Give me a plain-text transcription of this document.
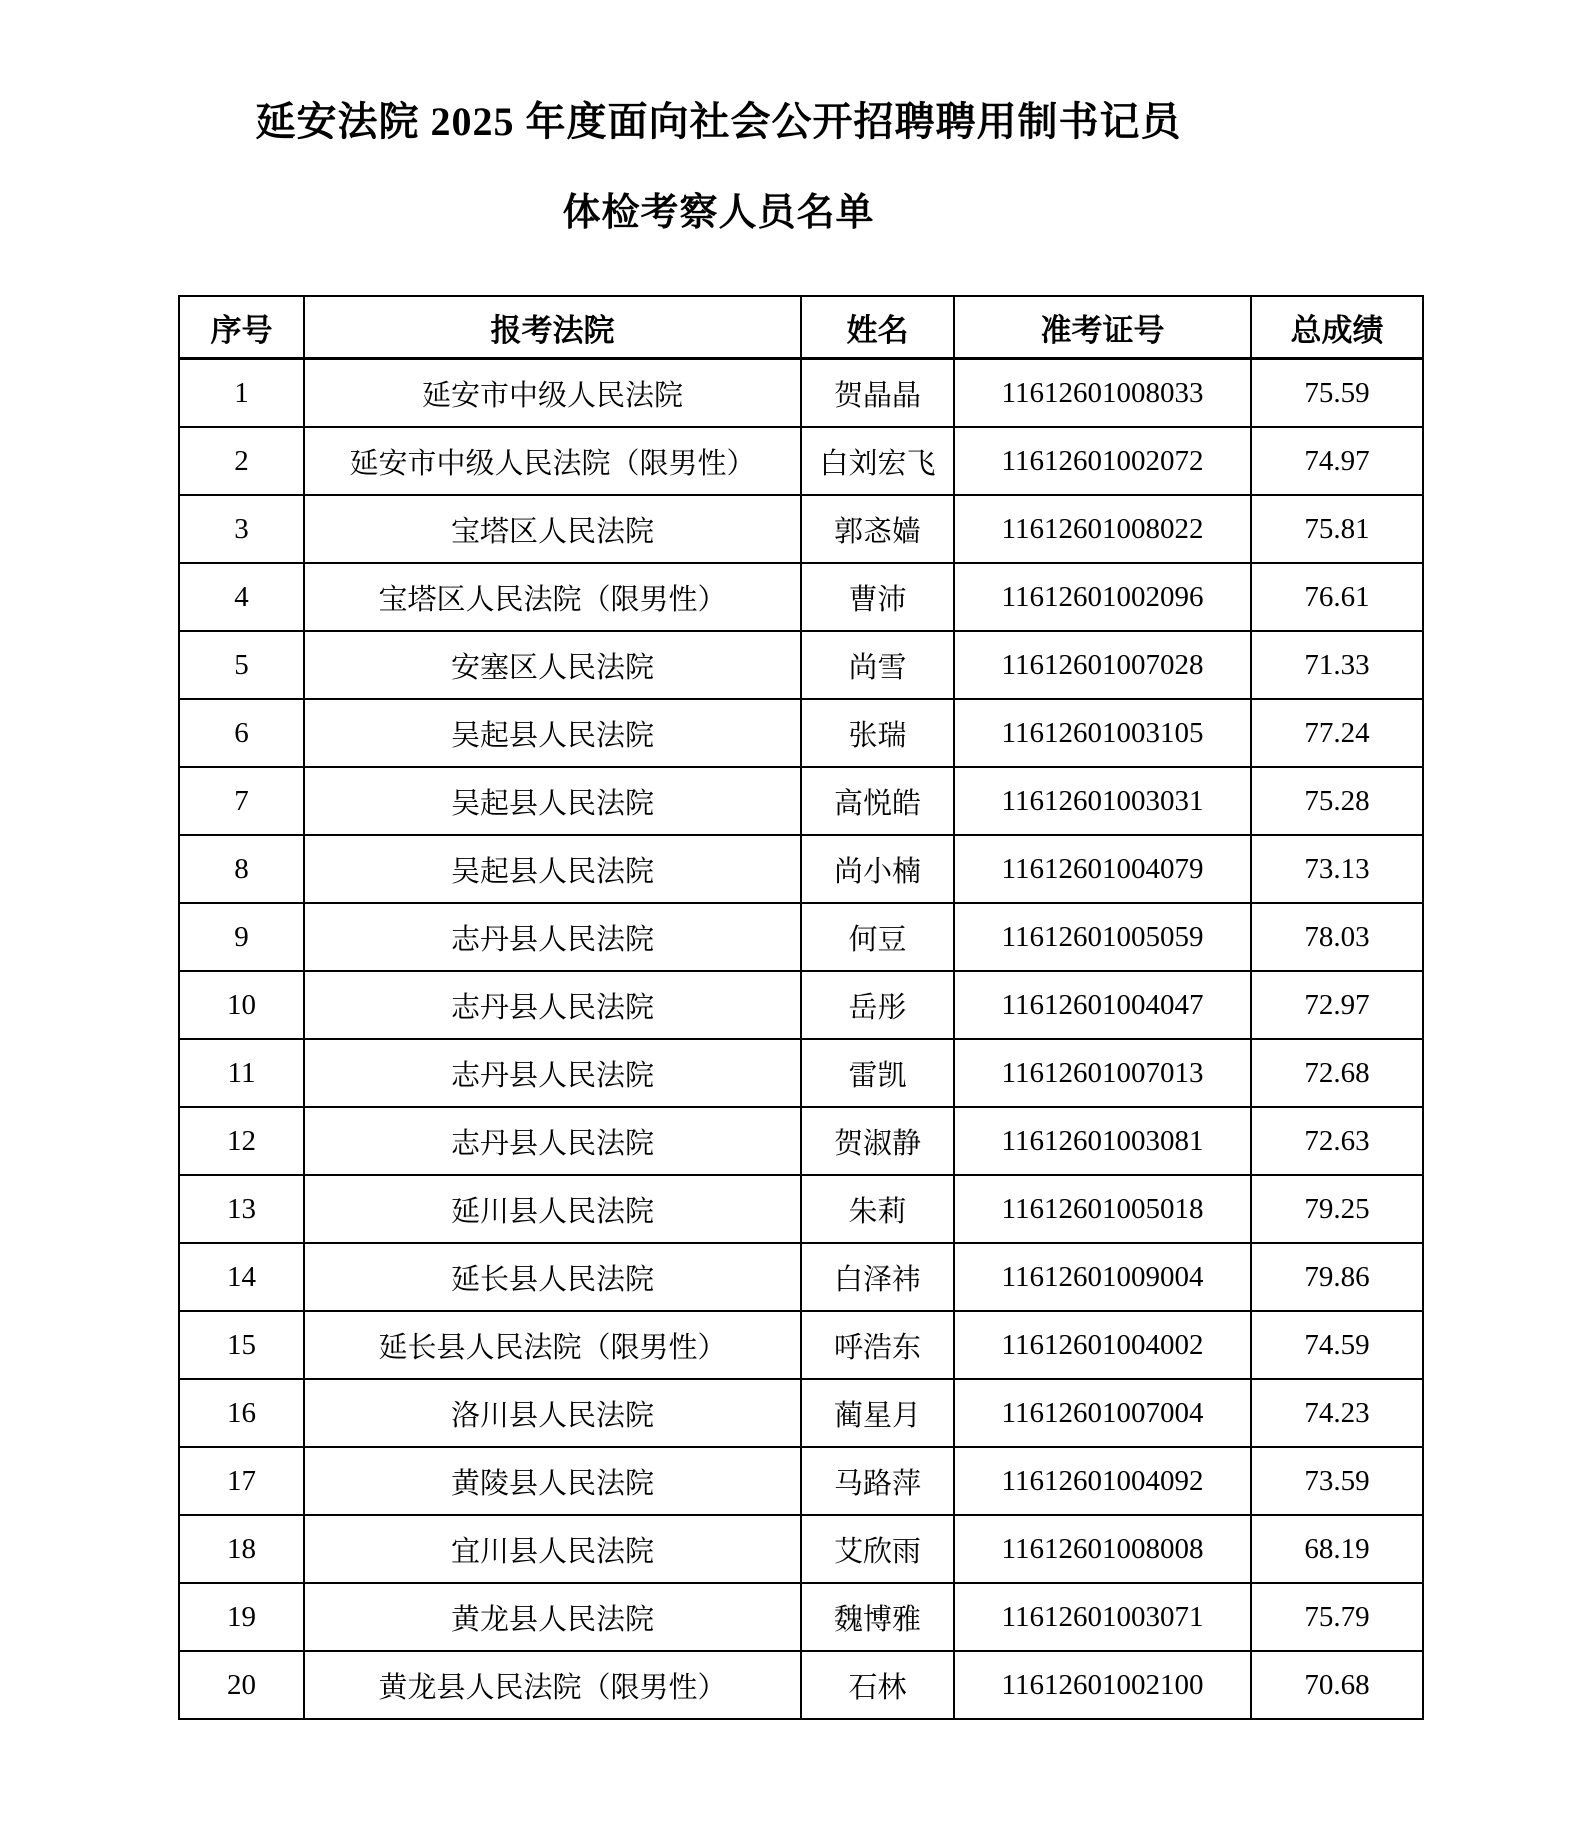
延安法院 2025 年度面向社会公开招聘聘用制书记员
体检考察人员名单
序号	报考法院	姓名	准考证号	总成绩
1	延安市中级人民法院	贺晶晶	11612601008033	75.59
2	延安市中级人民法院（限男性）	白刘宏飞	11612601002072	74.97
3	宝塔区人民法院	郭忞嫱	11612601008022	75.81
4	宝塔区人民法院（限男性）	曹沛	11612601002096	76.61
5	安塞区人民法院	尚雪	11612601007028	71.33
6	吴起县人民法院	张瑞	11612601003105	77.24
7	吴起县人民法院	高悦皓	11612601003031	75.28
8	吴起县人民法院	尚小楠	11612601004079	73.13
9	志丹县人民法院	何豆	11612601005059	78.03
10	志丹县人民法院	岳彤	11612601004047	72.97
11	志丹县人民法院	雷凯	11612601007013	72.68
12	志丹县人民法院	贺淑静	11612601003081	72.63
13	延川县人民法院	朱莉	11612601005018	79.25
14	延长县人民法院	白泽祎	11612601009004	79.86
15	延长县人民法院（限男性）	呼浩东	11612601004002	74.59
16	洛川县人民法院	蔺星月	11612601007004	74.23
17	黄陵县人民法院	马路萍	11612601004092	73.59
18	宜川县人民法院	艾欣雨	11612601008008	68.19
19	黄龙县人民法院	魏博雅	11612601003071	75.79
20	黄龙县人民法院（限男性）	石林	11612601002100	70.68
